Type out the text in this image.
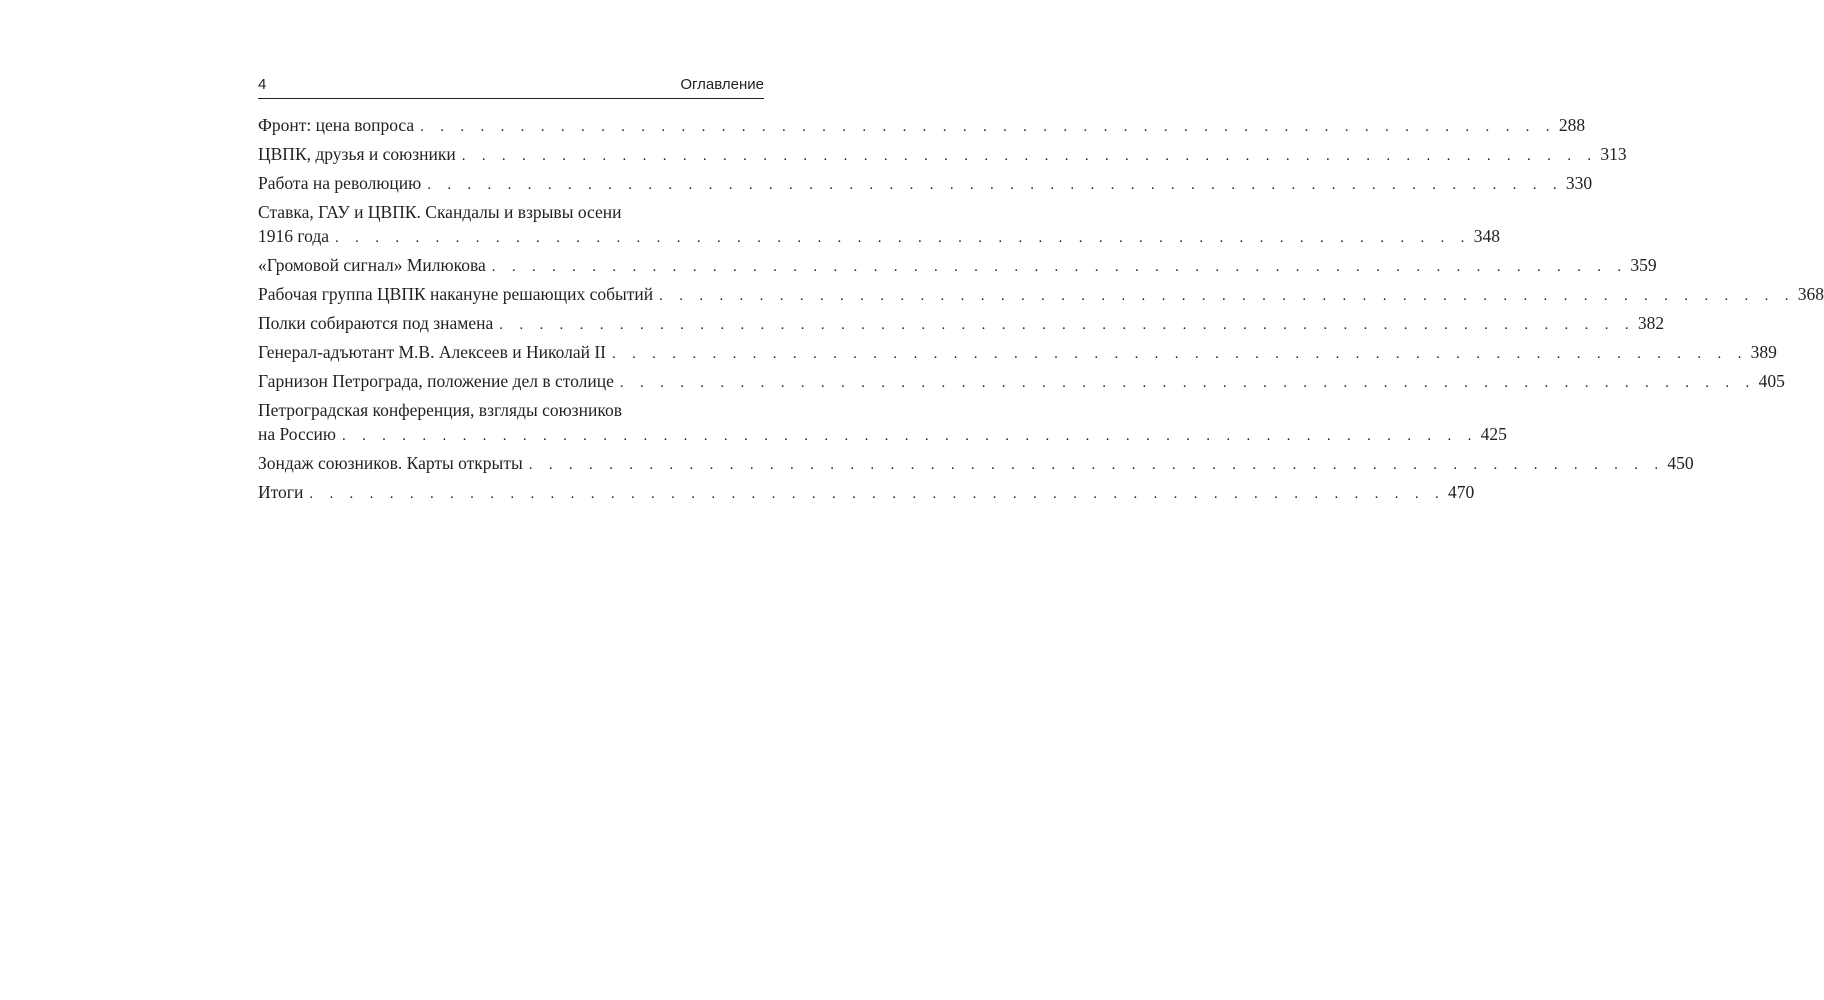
4	Оглавление
Фронт: цена вопроса . . . . . . . . . . . . . . . . . . . . . . . . . . . . . . . . . . . . . . . . . . . . . . . . . . . . . . . . . 288
ЦВПК, друзья и союзники . . . . . . . . . . . . . . . . . . . . . . . . . . . . . . . . . . . . . . . . . . . . . . . . . . . . . . . . . 313
Работа на революцию . . . . . . . . . . . . . . . . . . . . . . . . . . . . . . . . . . . . . . . . . . . . . . . . . . . . . . . . . 330
Ставка, ГАУ и ЦВПК. Скандалы и взрывы осени
1916 года . . . . . . . . . . . . . . . . . . . . . . . . . . . . . . . . . . . . . . . . . . . . . . . . . . . . . . . . . 348
«Громовой сигнал» Милюкова . . . . . . . . . . . . . . . . . . . . . . . . . . . . . . . . . . . . . . . . . . . . . . . . . . . . . . . . . 359
Рабочая группа ЦВПК накануне решающих событий . . . . . . . . . . . . . . . . . . . . . . . . . . . . . . . . . . . . . . . . . . . . . . . . . . . . . . . . . 368
Полки собираются под знамена . . . . . . . . . . . . . . . . . . . . . . . . . . . . . . . . . . . . . . . . . . . . . . . . . . . . . . . . . 382
Генерал-адъютант М.В. Алексеев и Николай II . . . . . . . . . . . . . . . . . . . . . . . . . . . . . . . . . . . . . . . . . . . . . . . . . . . . . . . . . 389
Гарнизон Петрограда, положение дел в столице . . . . . . . . . . . . . . . . . . . . . . . . . . . . . . . . . . . . . . . . . . . . . . . . . . . . . . . . . 405
Петроградская конференция, взгляды союзников
на Россию . . . . . . . . . . . . . . . . . . . . . . . . . . . . . . . . . . . . . . . . . . . . . . . . . . . . . . . . . 425
Зондаж союзников. Карты открыты . . . . . . . . . . . . . . . . . . . . . . . . . . . . . . . . . . . . . . . . . . . . . . . . . . . . . . . . . 450
Итоги . . . . . . . . . . . . . . . . . . . . . . . . . . . . . . . . . . . . . . . . . . . . . . . . . . . . . . . . . 470
